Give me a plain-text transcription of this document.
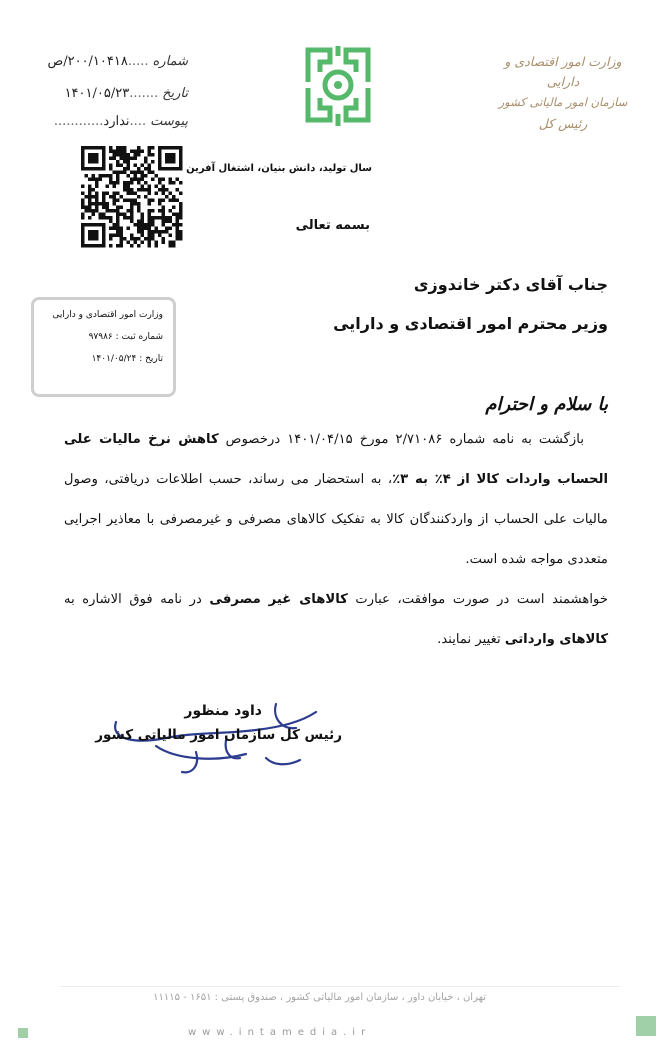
شماره.....۲۰۰/۱۰۴۱۸/ص
تاریخ.......۱۴۰۱/۰۵/۲۳
پیوست....ندارد............
وزارت امور اقتصادی و دارایی
سازمان امور مالیاتی کشور
رئیس کل
سال تولید، دانش بنیان، اشتغال آفرین
بسمه تعالی
جناب آقای دکتر خاندوزی
وزیر محترم امور اقتصادی و دارایی
وزارت امور اقتصادی و دارایی
شماره ثبت : ۹۷۹۸۶
تاریخ : ۱۴۰۱/۰۵/۲۴
با سلام و احترام
بازگشت به نامه شماره ۲/۷۱۰۸۶ مورخ ۱۴۰۱/۰۴/۱۵ درخصوص کاهش نرخ مالیات علی الحساب واردات کالا از ۴٪ به ۳٪، به استحضار می رساند، حسب اطلاعات دریافتی، وصول مالیات علی الحساب از واردکنندگان کالا به تفکیک کالاهای مصرفی و غیرمصرفی با معاذیر اجرایی متعددی مواجه شده است.
خواهشمند است در صورت موافقت، عبارت کالاهای غیر مصرفی در نامه فوق الاشاره به کالاهای وارداتی تغییر نمایند.
داود منظور
رئیس کل سازمان امور مالیاتی کشور
تهران ، خیابان داور ، سازمان امور مالیاتی کشور ، صندوق پستی : ۱۶۵۱ - ۱۱۱۱۵
www.intamedia.ir
